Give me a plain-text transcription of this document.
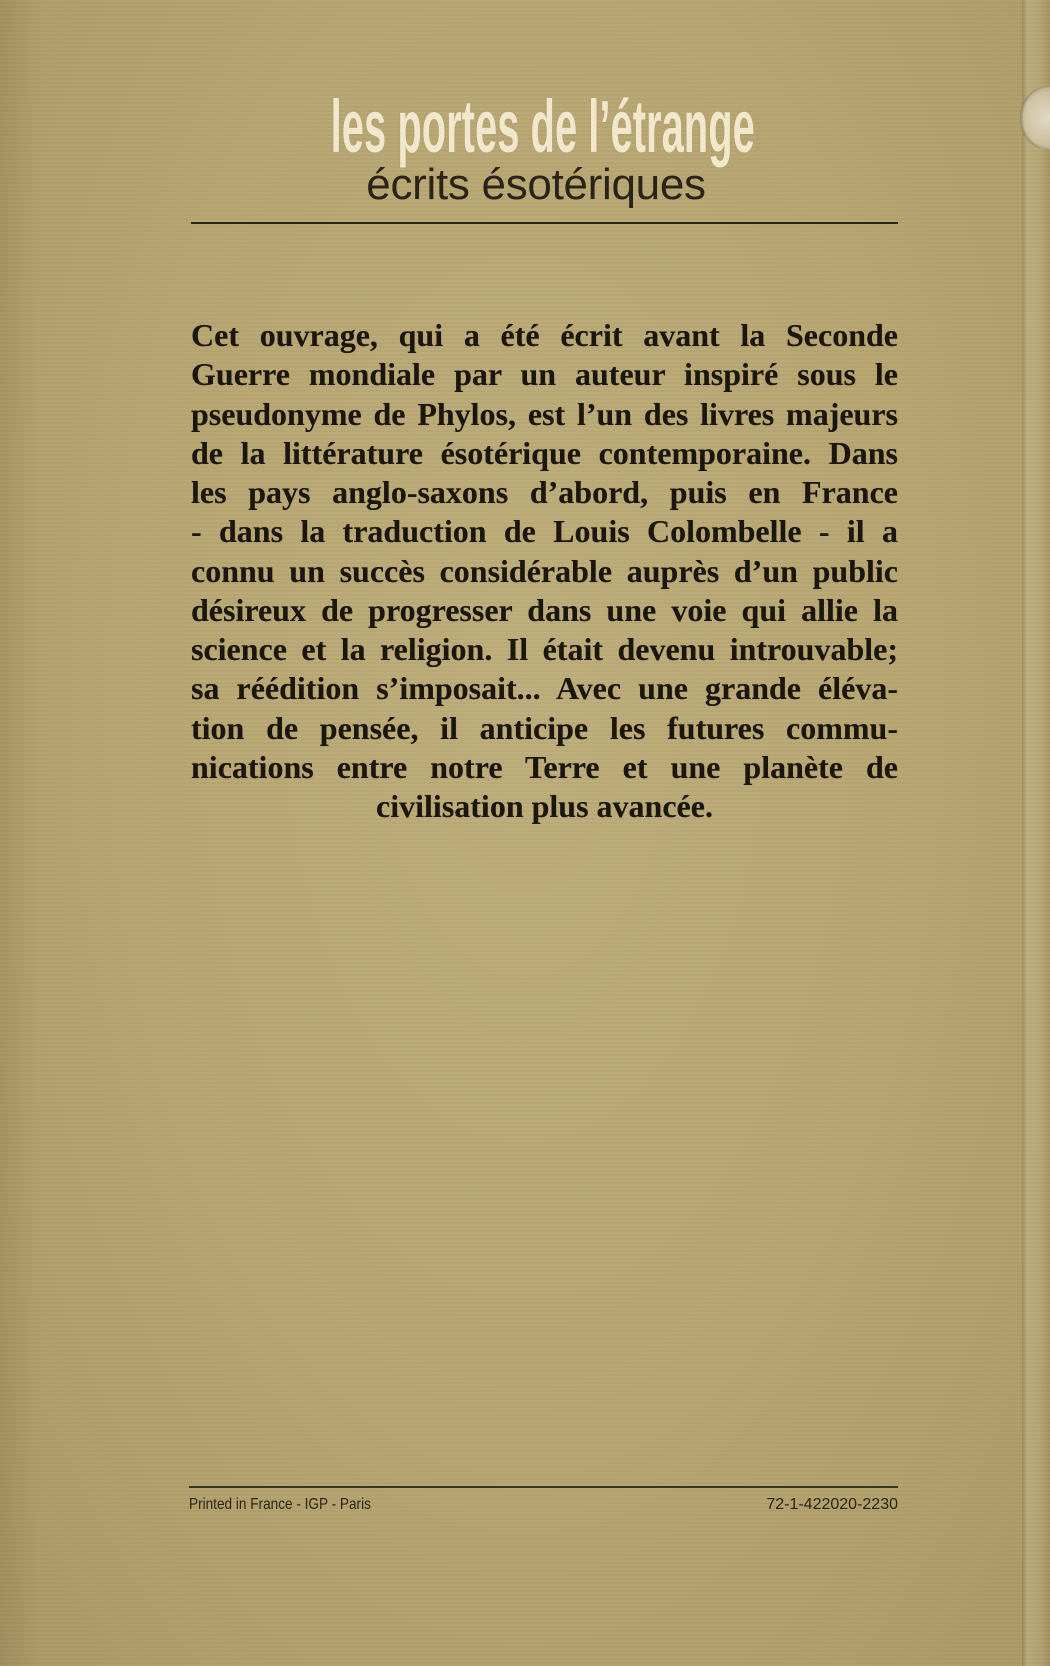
les portes de l’étrange
écrits ésotériques
Cet ouvrage, qui a été écrit avant la Seconde
Guerre mondiale par un auteur inspiré sous le
pseudonyme de Phylos, est l’un des livres majeurs
de la littérature ésotérique contemporaine. Dans
les pays anglo-saxons d’abord, puis en France
- dans la traduction de Louis Colombelle - il a
connu un succès considérable auprès d’un public
désireux de progresser dans une voie qui allie la
science et la religion. Il était devenu introuvable;
sa réédition s’imposait... Avec une grande éléva-
tion de pensée, il anticipe les futures commu-
nications entre notre Terre et une planète de
civilisation plus avancée.
Printed in France - IGP - Paris	72-1-422020-2230
